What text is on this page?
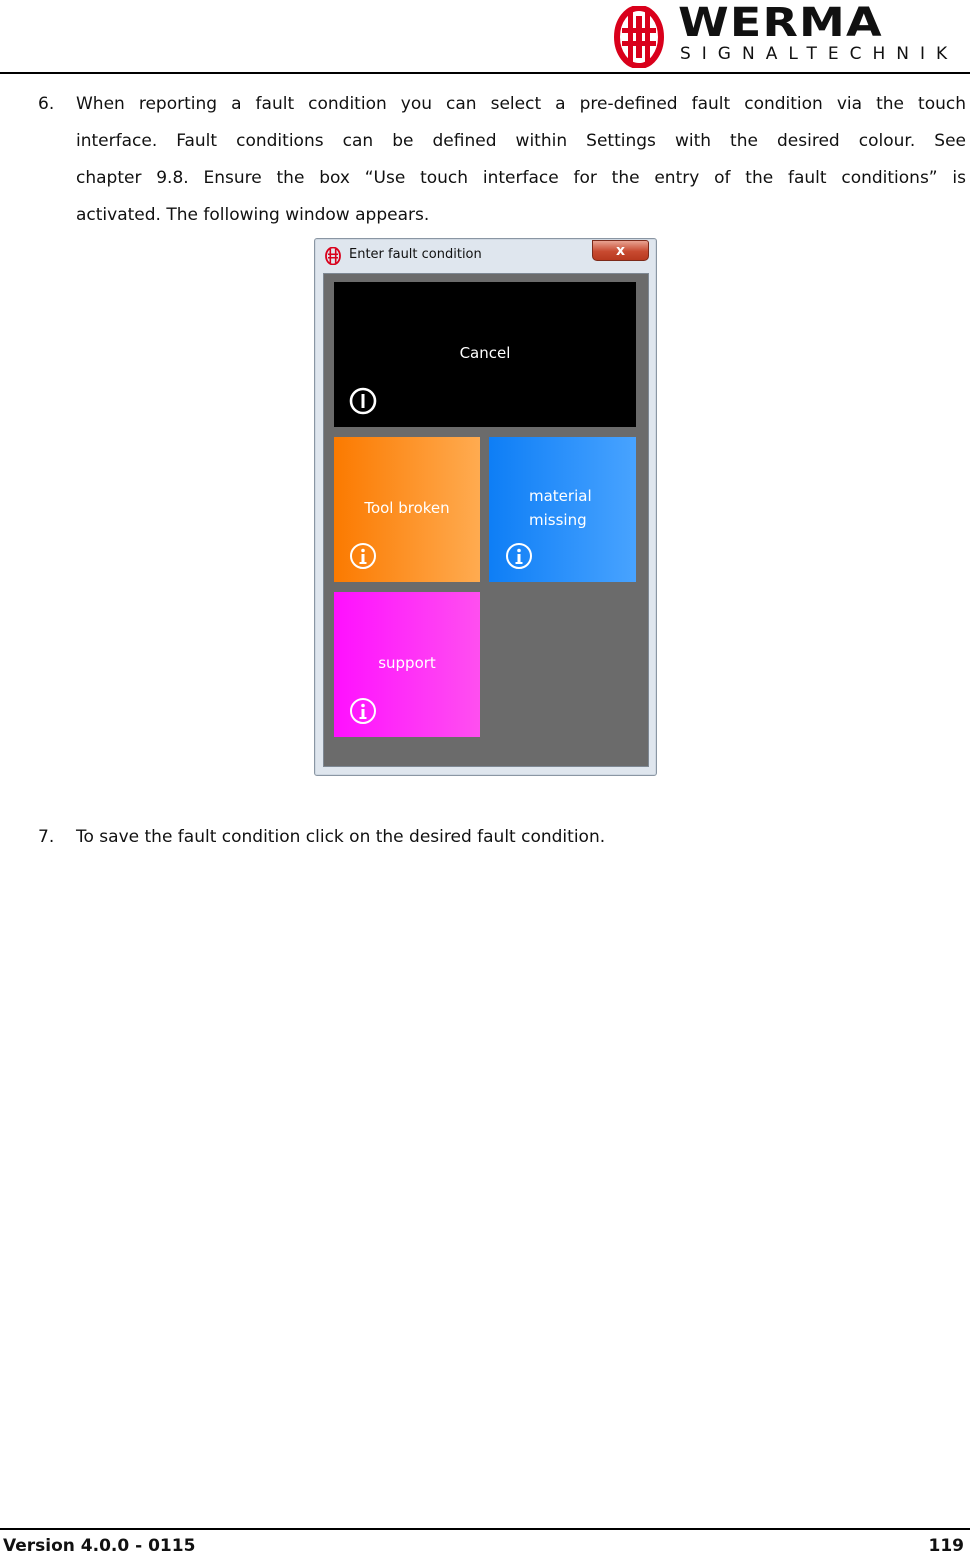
WERMA
SIGNALTECHNIK
6. When reporting a fault condition you can select a pre-defined fault condition via the touch
interface. Fault conditions can be defined within Settings with the desired colour. See
chapter 9.8. Ensure the box “Use touch interface for the entry of the fault conditions” is
activated. The following window appears.
Enter fault condition	x
Cancel
Tool broken
material
missing
support
7. To save the fault condition click on the desired fault condition.
Version 4.0.0 - 0115	119
